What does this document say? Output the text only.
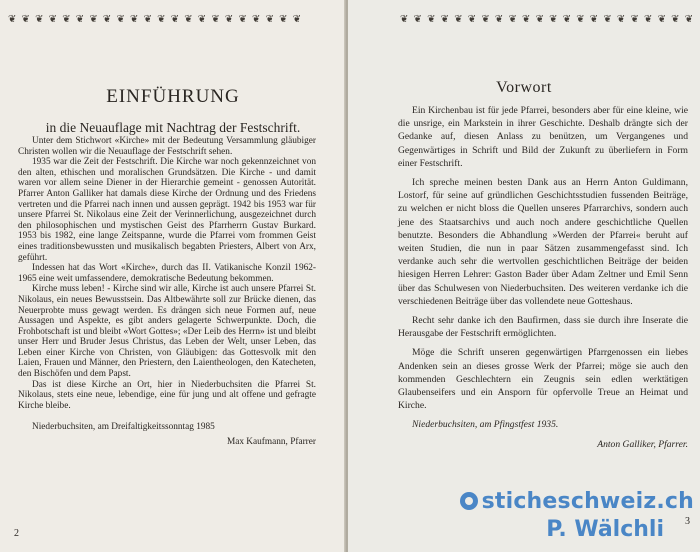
❦ ❦ ❦ ❦ ❦ ❦ ❦ ❦ ❦ ❦ ❦ ❦ ❦ ❦ ❦ ❦ ❦ ❦ ❦ ❦ ❦ ❦
EINFÜHRUNG
in die Neuauflage mit Nachtrag der Festschrift.

Unter dem Stichwort «Kirche» mit der Bedeutung Versammlung gläubiger Christen wollen wir die Neuauflage der Festschrift sehen.

1935 war die Zeit der Festschrift. Die Kirche war noch gekennzeichnet von den alten, ethischen und moralischen Grundsätzen. Die Kirche - und damit waren vor allem seine Diener in der Hierarchie gemeint - genossen Autorität. Pfarrer Anton Galliker hat damals diese Kirche der Ordnung und des Friedens vertreten und die Pfarrei nach innen und aussen geprägt. 1942 bis 1953 war für unsere Pfarrei St. Nikolaus eine Zeit der Verinnerlichung, ausgezeichnet durch den philosophischen und mystischen Geist des Pfarrherrn Gustav Burkard. 1953 bis 1982, eine lange Zeitspanne, wurde die Pfarrei vom frommen Geist eines traditionsbewussten und musikalisch begabten Priesters, Albert von Arx, geführt.

Indessen hat das Wort «Kirche», durch das II. Vatikanische Konzil 1962-1965 eine weit umfassendere, demokratische Bedeutung bekommen.

Kirche muss leben! - Kirche sind wir alle, Kirche ist auch unsere Pfarrei St. Nikolaus, ein neues Bewusstsein. Das Altbewährte soll zur Brücke dienen, das Neuerprobte muss gewagt werden. Es drängen sich neue Formen auf, neue Aussagen und Aspekte, es gibt anders gelagerte Schwerpunkte. Doch, die Frohbotschaft ist und bleibt «Wort Gottes»; «Der Leib des Herrn» ist und bleibt unser Herr und Bruder Jesus Christus, das Leben der Welt, unser Leben, das Leben einer Kirche von Christen, von Gläubigen: das Gottesvolk mit den Laien, Frauen und Männer, den Priestern, den Laientheologen, den Katecheten, den Bischöfen und dem Papst.

Das ist diese Kirche an Ort, hier in Niederbuchsiten die Pfarrei St. Nikolaus, stets eine neue, lebendige, eine für jung und alt offene und gefragte Kirche bleibe.

Niederbuchsiten, am Dreifaltigkeitssonntag 1985

Max Kaufmann, Pfarrer

2
❦ ❦ ❦ ❦ ❦ ❦ ❦ ❦ ❦ ❦ ❦ ❦ ❦ ❦ ❦ ❦ ❦ ❦ ❦ ❦ ❦ ❦
Vorwort

Ein Kirchenbau ist für jede Pfarrei, besonders aber für eine kleine, wie die unsrige, ein Markstein in ihrer Geschichte. Deshalb drängte sich der Gedanke auf, diesen Anlass zu benützen, um Vergangenes und Gegenwärtiges in Schrift und Bild der Zukunft zu überliefern in Form einer Festschrift.

Ich spreche meinen besten Dank aus an Herrn Anton Guldimann, Lostorf, für seine auf gründlichen Geschichtsstudien fussenden Beiträge, zu welchen er nicht bloss die Quellen unseres Pfarrarchivs, sondern auch jene des Staatsarchivs und auch noch andere geschichtliche Quellen benutzte. Besonders die Abhandlung »Werden der Pfarrei« beruht auf weiten Studien, die nun in paar Sätzen zusammengefasst sind. Ich verdanke auch sehr die wertvollen geschichtlichen Beiträge der beiden hiesigen Herren Lehrer: Gaston Bader über Adam Zeltner und Emil Senn über das Schulwesen von Niederbuchsiten. Des weiteren verdanke ich die verschiedenen Beiträge über das vollendete neue Gotteshaus.

Recht sehr danke ich den Baufirmen, dass sie durch ihre Inserate die Herausgabe der Festschrift ermöglichten.

Möge die Schrift unseren gegenwärtigen Pfarrgenossen ein liebes Andenken sein an dieses grosse Werk der Pfarrei; möge sie auch den kommenden Geschlechtern ein Zeugnis sein edlen werktätigen Glaubenseifers und ein Ansporn für opfervolle Treue an Heimat und Kirche.

Niederbuchsiten, am Pfingstfest 1935.

Anton Galliker, Pfarrer.

3
sticheschweiz.ch
P. Wälchli
